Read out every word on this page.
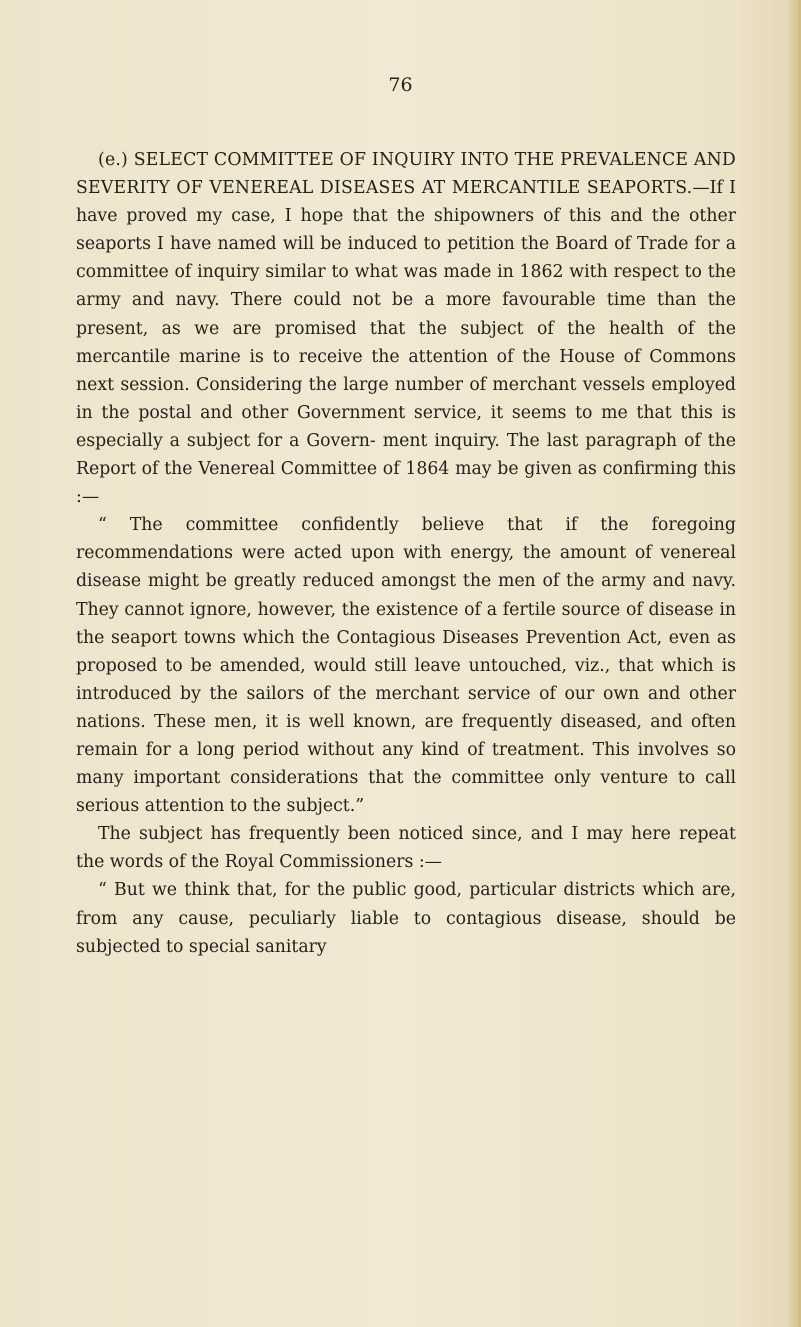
76

(e.) SELECT COMMITTEE OF INQUIRY INTO THE PREVALENCE AND SEVERITY OF VENEREAL DISEASES AT MERCANTILE SEAPORTS.—If I have proved my case, I hope that the shipowners of this and the other seaports I have named will be induced to petition the Board of Trade for a committee of inquiry similar to what was made in 1862 with respect to the army and navy. There could not be a more favourable time than the present, as we are promised that the subject of the health of the mercantile marine is to receive the attention of the House of Commons next session. Considering the large number of merchant vessels employed in the postal and other Government service, it seems to me that this is especially a subject for a Govern- ment inquiry. The last paragraph of the Report of the Venereal Committee of 1864 may be given as confirming this :—

“ The committee confidently believe that if the foregoing recommendations were acted upon with energy, the amount of venereal disease might be greatly reduced amongst the men of the army and navy. They cannot ignore, however, the existence of a fertile source of disease in the seaport towns which the Contagious Diseases Prevention Act, even as proposed to be amended, would still leave untouched, viz., that which is introduced by the sailors of the merchant service of our own and other nations. These men, it is well known, are frequently diseased, and often remain for a long period without any kind of treatment. This involves so many important considerations that the committee only venture to call serious attention to the subject.”

The subject has frequently been noticed since, and I may here repeat the words of the Royal Commissioners :—

“ But we think that, for the public good, particular districts which are, from any cause, peculiarly liable to contagious disease, should be subjected to special sanitary
